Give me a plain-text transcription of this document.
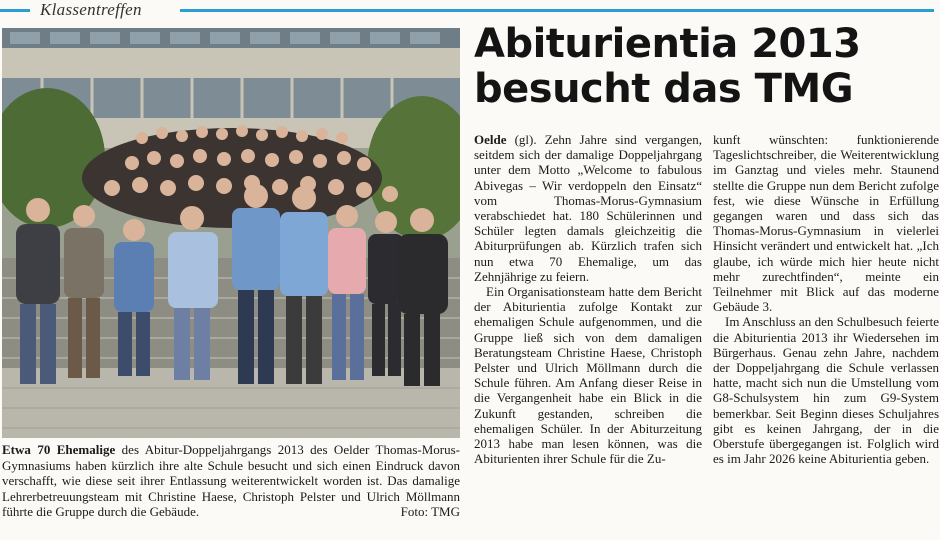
Klassentreffen
Etwa 70 Ehemalige des Abitur-Doppeljahrgangs 2013 des Oelder Thomas-Morus-Gymnasiums haben kürzlich ihre alte Schule besucht und sich einen Eindruck davon verschafft, wie diese seit ihrer Entlassung weiterentwickelt worden ist. Das damalige Lehrerbetreuungsteam mit Christine Haese, Christoph Pelster und Ulrich Möllmann führte die Gruppe durch die Gebäude.	Foto: TMG
Abiturientia 2013
besucht das TMG

Oelde (gl). Zehn Jahre sind vergangen, seitdem sich der damalige Doppeljahrgang unter dem Motto „Welcome to fabulous Abivegas – Wir verdoppeln den Einsatz“ vom Thomas-Morus-Gymnasium verabschiedet hat. 180 Schülerinnen und Schüler legten damals gleichzeitig die Abiturprüfungen ab. Kürzlich trafen sich nun etwa 70 Ehemalige, um das Zehnjährige zu feiern.

Ein Organisationsteam hatte dem Bericht der Abiturientia zufolge Kontakt zur ehemaligen Schule aufgenommen, und die Gruppe ließ sich von dem damaligen Beratungsteam Christine Haese, Christoph Pelster und Ulrich Möllmann durch die Schule führen. Am Anfang dieser Reise in die Vergangenheit habe ein Blick in die Zukunft gestanden, schreiben die ehemaligen Schüler. In der Abiturzeitung 2013 habe man lesen können, was die Abiturienten ihrer Schule für die Zu-

kunft wünschten: funktionierende Tageslichtschreiber, die Weiterentwicklung im Ganztag und vieles mehr. Staunend stellte die Gruppe nun dem Bericht zufolge fest, wie diese Wünsche in Erfüllung gegangen waren und dass sich das Thomas-Morus-Gymnasium in vielerlei Hinsicht verändert und entwickelt hat. „Ich glaube, ich würde mich hier heute nicht mehr zurechtfinden“, meinte ein Teilnehmer mit Blick auf das moderne Gebäude 3.

Im Anschluss an den Schulbesuch feierte die Abiturientia 2013 ihr Wiedersehen im Bürgerhaus. Genau zehn Jahre, nachdem der Doppeljahrgang die Schule verlassen hatte, macht sich nun die Umstellung vom G8-Schulsystem hin zum G9-System bemerkbar. Seit Beginn dieses Schuljahres gibt es keinen Jahrgang, der in die Oberstufe übergegangen ist. Folglich wird es im Jahr 2026 keine Abiturientia geben.
